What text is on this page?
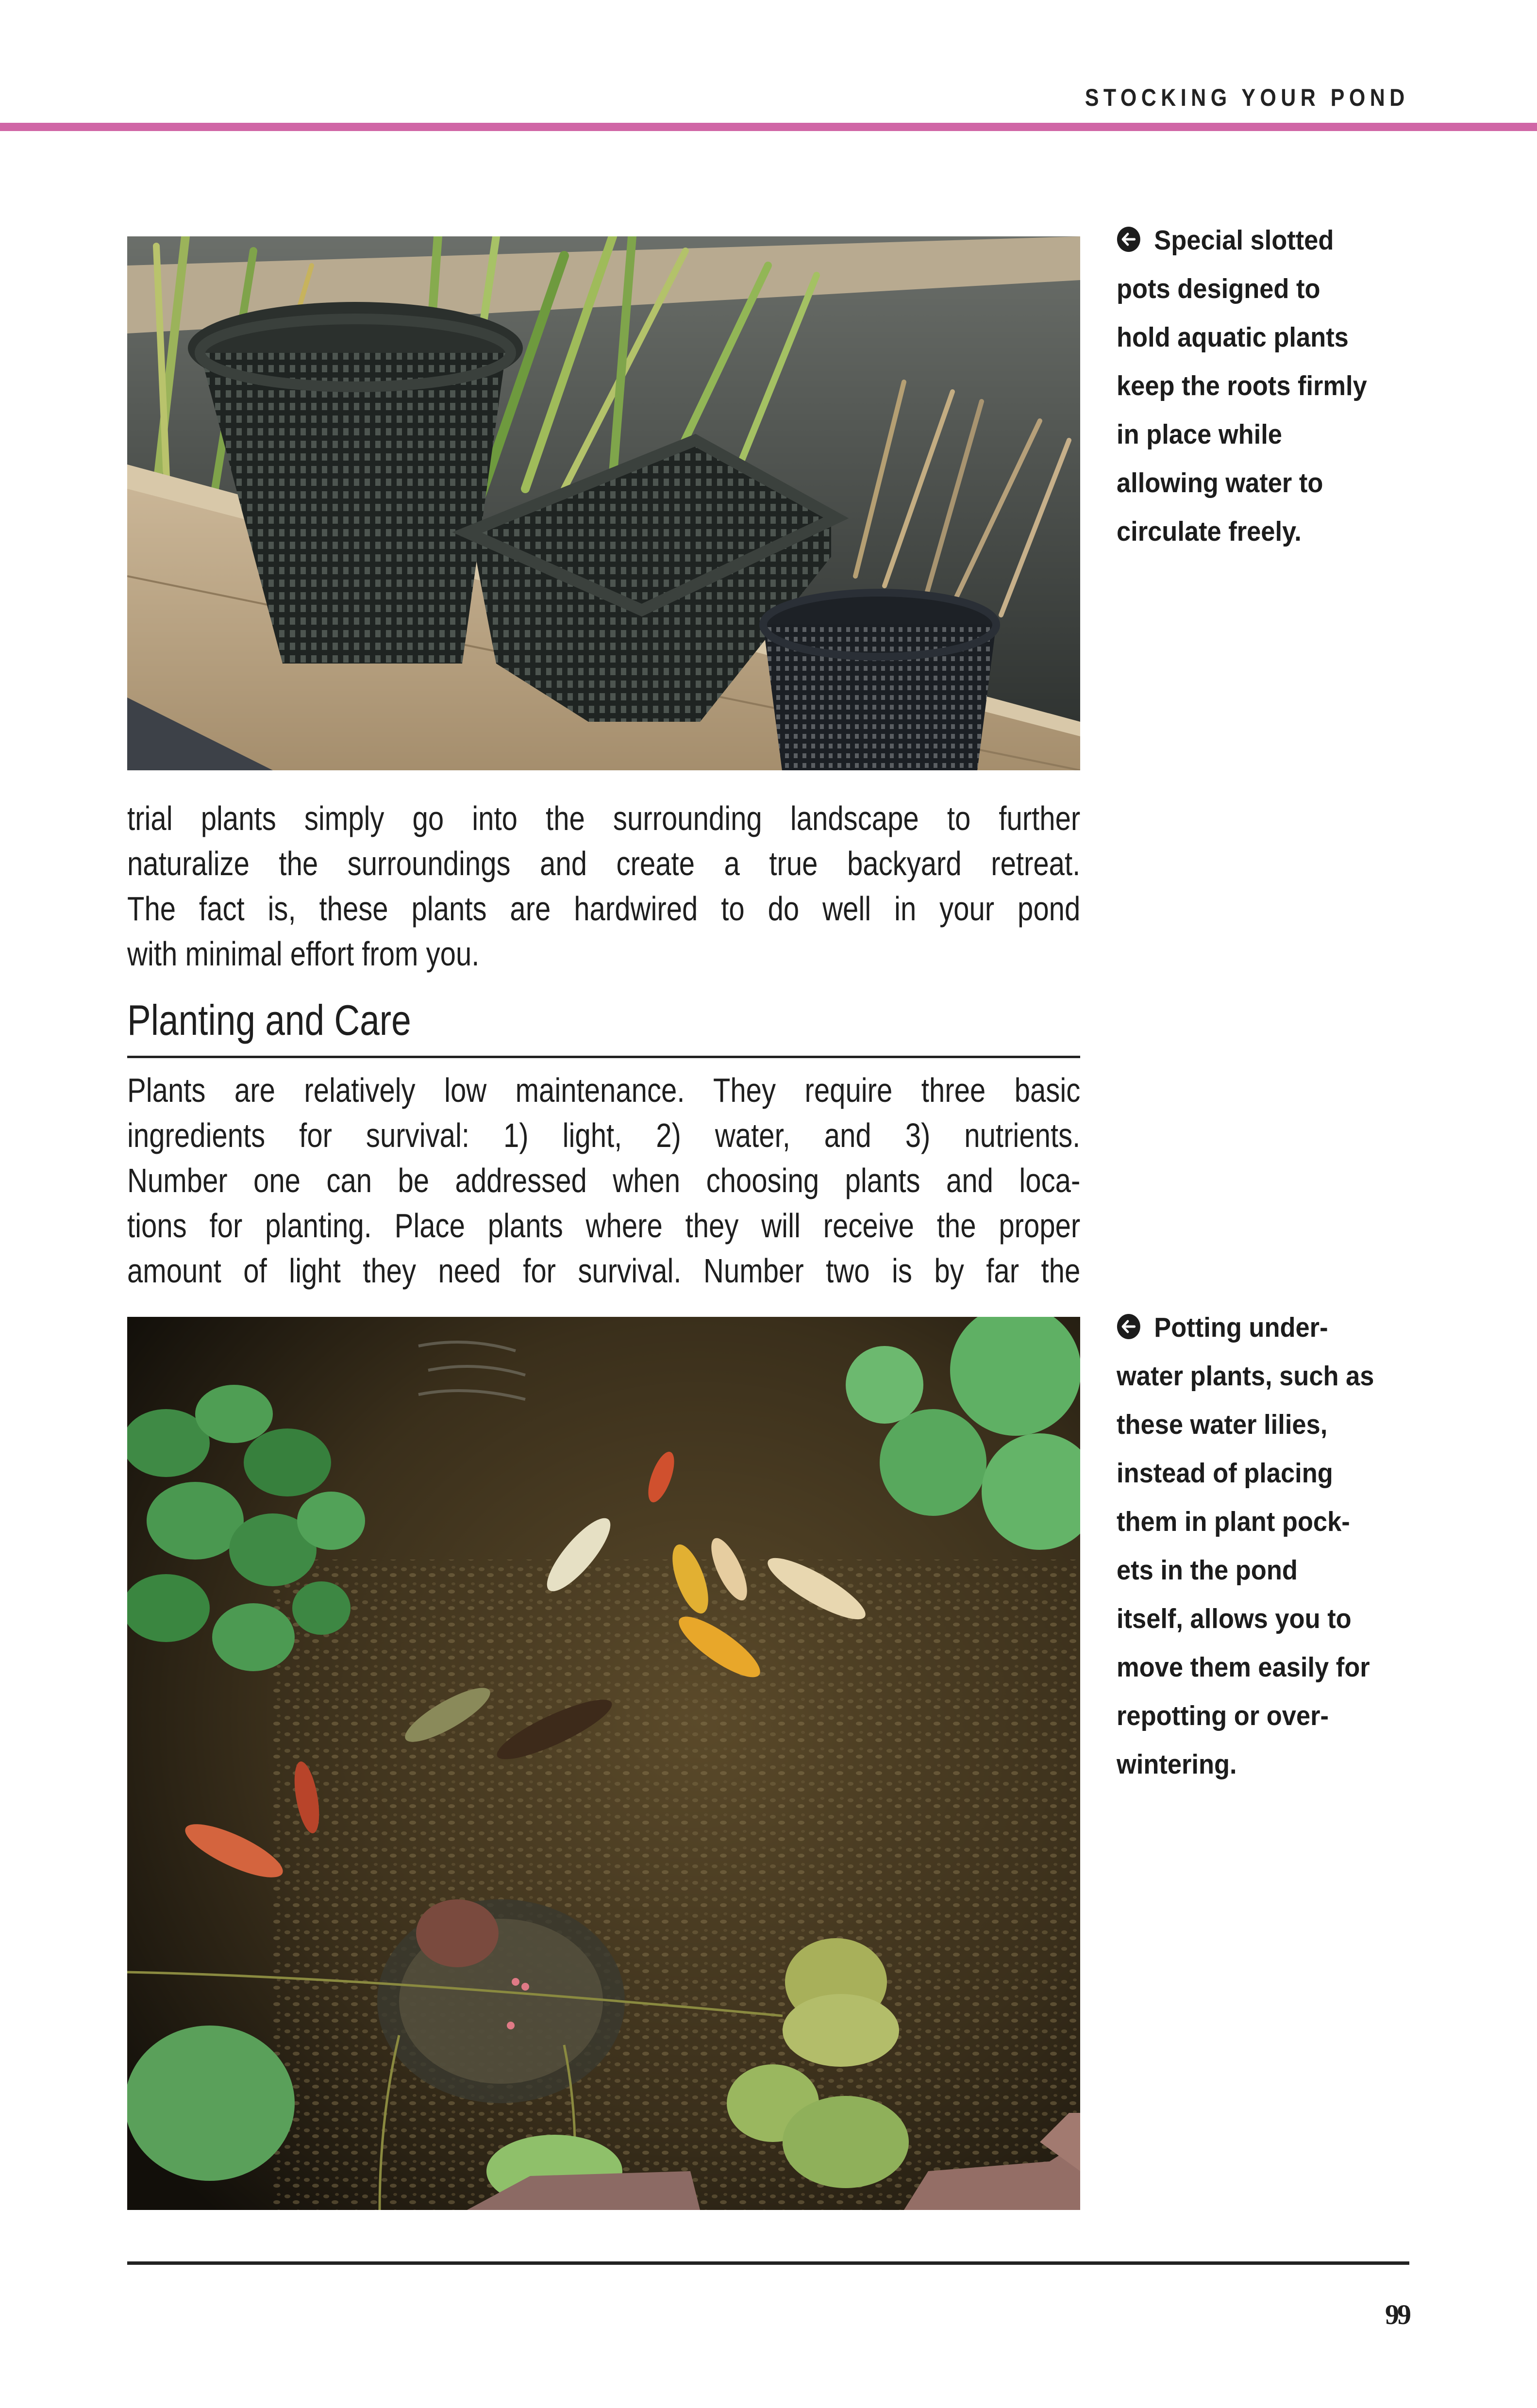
STOCKING YOUR POND
Special slotted
pots designed to
hold aquatic plants
keep the roots firmly
in place while
allowing water to
circulate freely.
trial plants simply go into the surrounding landscape to further
naturalize the surroundings and create a true backyard retreat.
The fact is, these plants are hardwired to do well in your pond
with minimal effort from you.
Planting and Care
Plants are relatively low maintenance. They require three basic
ingredients for survival: 1) light, 2) water, and 3) nutrients.
Number one can be addressed when choosing plants and loca-
tions for planting. Place plants where they will receive the proper
amount of light they need for survival. Number two is by far the
Potting under-
water plants, such as
these water lilies,
instead of placing
them in plant pock-
ets in the pond
itself, allows you to
move them easily for
repotting or over-
wintering.
99
